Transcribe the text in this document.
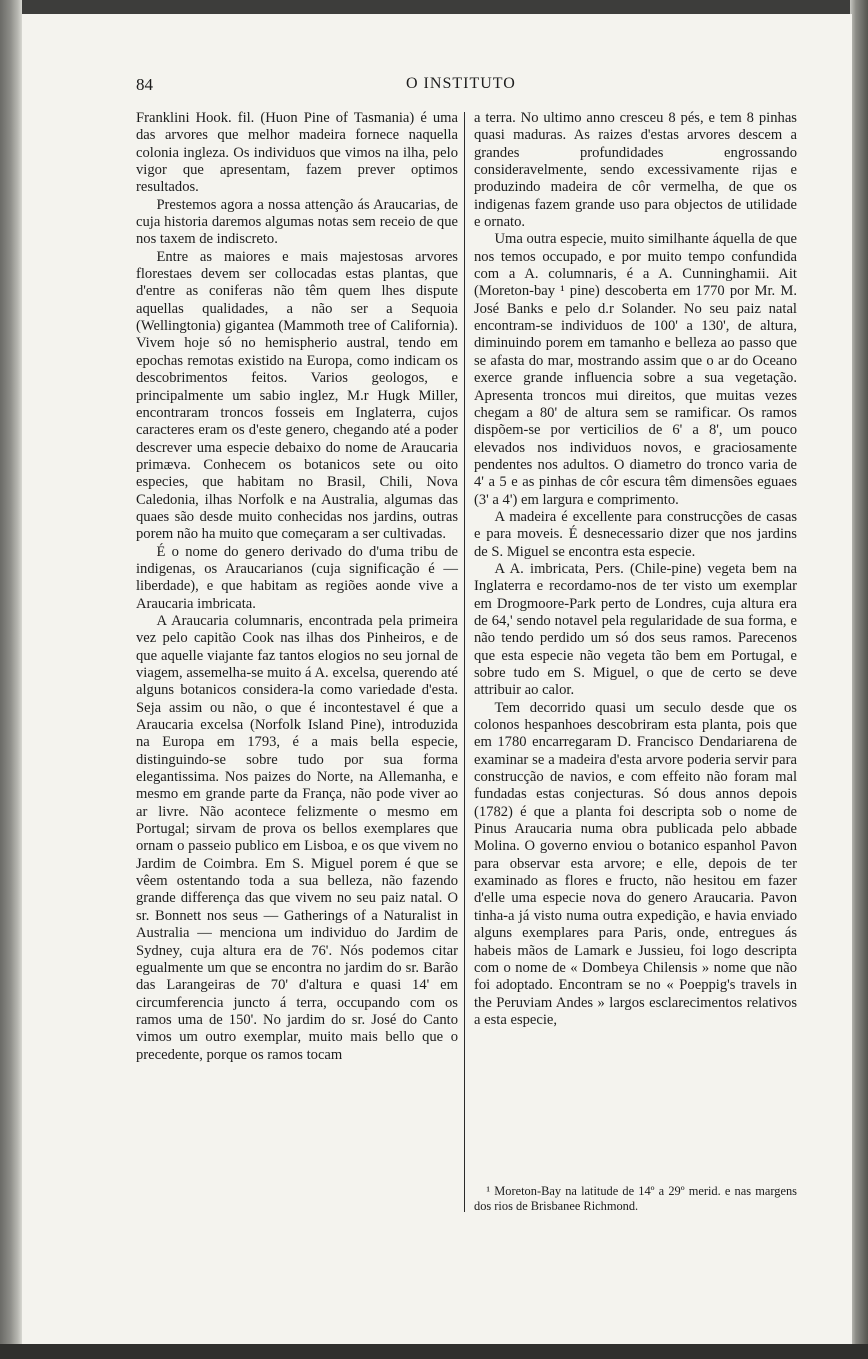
84	O INSTITUTO

Franklini Hook. fil. (Huon Pine of Tasmania) é uma das arvores que melhor madeira fornece naquella colonia ingleza. Os individuos que vimos na ilha, pelo vigor que apresentam, fazem prever optimos resultados.

Prestemos agora a nossa attenção ás Araucarias, de cuja historia daremos algumas notas sem receio de que nos taxem de indiscreto.

Entre as maiores e mais majestosas arvores florestaes devem ser collocadas estas plantas, que d'entre as coniferas não têm quem lhes dispute aquellas qualidades, a não ser a Sequoia (Wellingtonia) gigantea (Mammoth tree of California). Vivem hoje só no hemispherio austral, tendo em epochas remotas existido na Europa, como indicam os descobrimentos feitos. Varios geologos, e principalmente um sabio inglez, M.r Hugk Miller, encontraram troncos fosseis em Inglaterra, cujos caracteres eram os d'este genero, chegando até a poder descrever uma especie debaixo do nome de Araucaria primæva. Conhecem os botanicos sete ou oito especies, que habitam no Brasil, Chili, Nova Caledonia, ilhas Norfolk e na Australia, algumas das quaes são desde muito conhecidas nos jardins, outras porem não ha muito que começaram a ser cultivadas.

É o nome do genero derivado do d'uma tribu de indigenas, os Araucarianos (cuja significação é — liberdade), e que habitam as regiões aonde vive a Araucaria imbricata.

A Araucaria columnaris, encontrada pela primeira vez pelo capitão Cook nas ilhas dos Pinheiros, e de que aquelle viajante faz tantos elogios no seu jornal de viagem, assemelha-se muito á A. excelsa, querendo até alguns botanicos considera-la como variedade d'esta. Seja assim ou não, o que é incontestavel é que a Araucaria excelsa (Norfolk Island Pine), introduzida na Europa em 1793, é a mais bella especie, distinguindo-se sobre tudo por sua forma elegantissima. Nos paizes do Norte, na Allemanha, e mesmo em grande parte da França, não pode viver ao ar livre. Não acontece felizmente o mesmo em Portugal; sirvam de prova os bellos exemplares que ornam o passeio publico em Lisboa, e os que vivem no Jardim de Coimbra. Em S. Miguel porem é que se vêem ostentando toda a sua belleza, não fazendo grande differença das que vivem no seu paiz natal. O sr. Bonnett nos seus — Gatherings of a Naturalist in Australia — menciona um individuo do Jardim de Sydney, cuja altura era de 76'. Nós podemos citar egualmente um que se encontra no jardim do sr. Barão das Larangeiras de 70' d'altura e quasi 14' em circumferencia juncto á terra, occupando com os ramos uma de 150'. No jardim do sr. José do Canto vimos um outro exemplar, muito mais bello que o precedente, porque os ramos tocam

a terra. No ultimo anno cresceu 8 pés, e tem 8 pinhas quasi maduras. As raizes d'estas arvores descem a grandes profundidades engrossando consideravelmente, sendo excessivamente rijas e produzindo madeira de côr vermelha, de que os indigenas fazem grande uso para objectos de utilidade e ornato.

Uma outra especie, muito similhante áquella de que nos temos occupado, e por muito tempo confundida com a A. columnaris, é a A. Cunninghamii. Ait (Moreton-bay ¹ pine) descoberta em 1770 por Mr. M. José Banks e pelo d.r Solander. No seu paiz natal encontram-se individuos de 100' a 130', de altura, diminuindo porem em tamanho e belleza ao passo que se afasta do mar, mostrando assim que o ar do Oceano exerce grande influencia sobre a sua vegetação. Apresenta troncos mui direitos, que muitas vezes chegam a 80' de altura sem se ramificar. Os ramos dispõem-se por verticilios de 6' a 8', um pouco elevados nos individuos novos, e graciosamente pendentes nos adultos. O diametro do tronco varia de 4' a 5 e as pinhas de côr escura têm dimensões eguaes (3' a 4') em largura e comprimento.

A madeira é excellente para construcções de casas e para moveis. É desnecessario dizer que nos jardins de S. Miguel se encontra esta especie.

A A. imbricata, Pers. (Chile-pine) vegeta bem na Inglaterra e recordamo-nos de ter visto um exemplar em Drogmoore-Park perto de Londres, cuja altura era de 64,' sendo notavel pela regularidade de sua forma, e não tendo perdido um só dos seus ramos. Parecenos que esta especie não vegeta tão bem em Portugal, e sobre tudo em S. Miguel, o que de certo se deve attribuir ao calor.

Tem decorrido quasi um seculo desde que os colonos hespanhoes descobriram esta planta, pois que em 1780 encarregaram D. Francisco Dendariarena de examinar se a madeira d'esta arvore poderia servir para construcção de navios, e com effeito não foram mal fundadas estas conjecturas. Só dous annos depois (1782) é que a planta foi descripta sob o nome de Pinus Araucaria numa obra publicada pelo abbade Molina. O governo enviou o botanico espanhol Pavon para observar esta arvore; e elle, depois de ter examinado as flores e fructo, não hesitou em fazer d'elle uma especie nova do genero Araucaria. Pavon tinha-a já visto numa outra expedição, e havia enviado alguns exemplares para Paris, onde, entregues ás habeis mãos de Lamark e Jussieu, foi logo descripta com o nome de « Dombeya Chilensis » nome que não foi adoptado. Encontram se no « Poeppig's travels in the Peruviam Andes » largos esclarecimentos relativos a esta especie,

¹ Moreton-Bay na latitude de 14º a 29º merid. e nas margens dos rios de Brisbanee Richmond.
